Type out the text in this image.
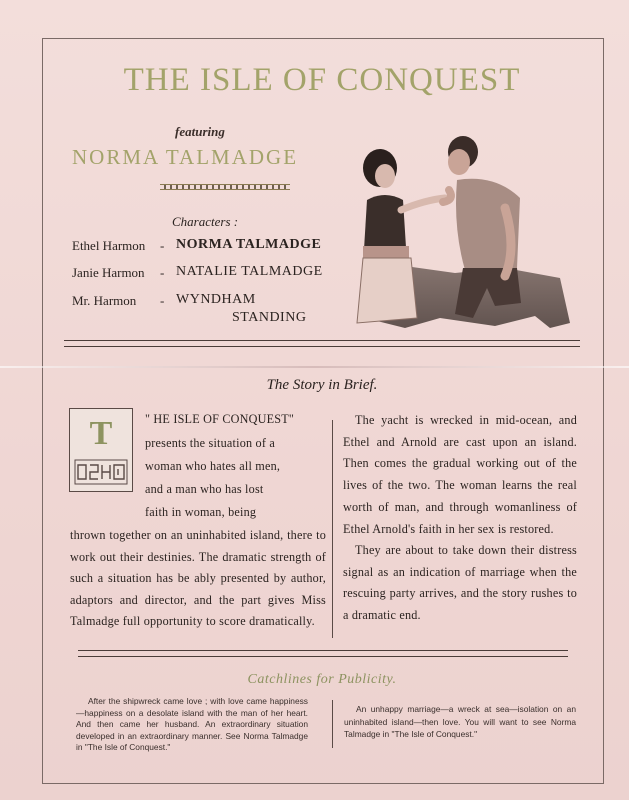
THE ISLE OF CONQUEST
featuring
NORMA TALMADGE
Characters :
Ethel Harmon - NORMA TALMADGE
Janie Harmon - NATALIE TALMADGE
Mr. Harmon - WYNDHAM
STANDING
The Story in Brief.
T	" HE ISLE OF CONQUEST"
presents the situation of a
woman who hates all men,
and a man who has lost
faith in woman, being
thrown together on an uninhabited island, there to work out their destinies. The dramatic strength of such a situation has be ably presented by author, adaptors and director, and the part gives Miss Talmadge full opportunity to score dramatically.
The yacht is wrecked in mid-ocean, and Ethel and Arnold are cast upon an island. Then comes the gradual working out of the lives of the two. The woman learns the real worth of man, and through womanliness of Ethel Arnold's faith in her sex is restored.
They are about to take down their distress signal as an indication of marriage when the rescuing party arrives, and the story rushes to a dramatic end.
Catchlines for Publicity.
After the shipwreck came love ; with love came happiness—happiness on a desolate island with the man of her heart. And then came her husband. An extraordinary situation developed in an extraordinary manner. See Norma Talmadge in "The Isle of Conquest."
An unhappy marriage—a wreck at sea—isolation on an uninhabited island—then love. You will want to see Norma Talmadge in "The Isle of Conquest."
